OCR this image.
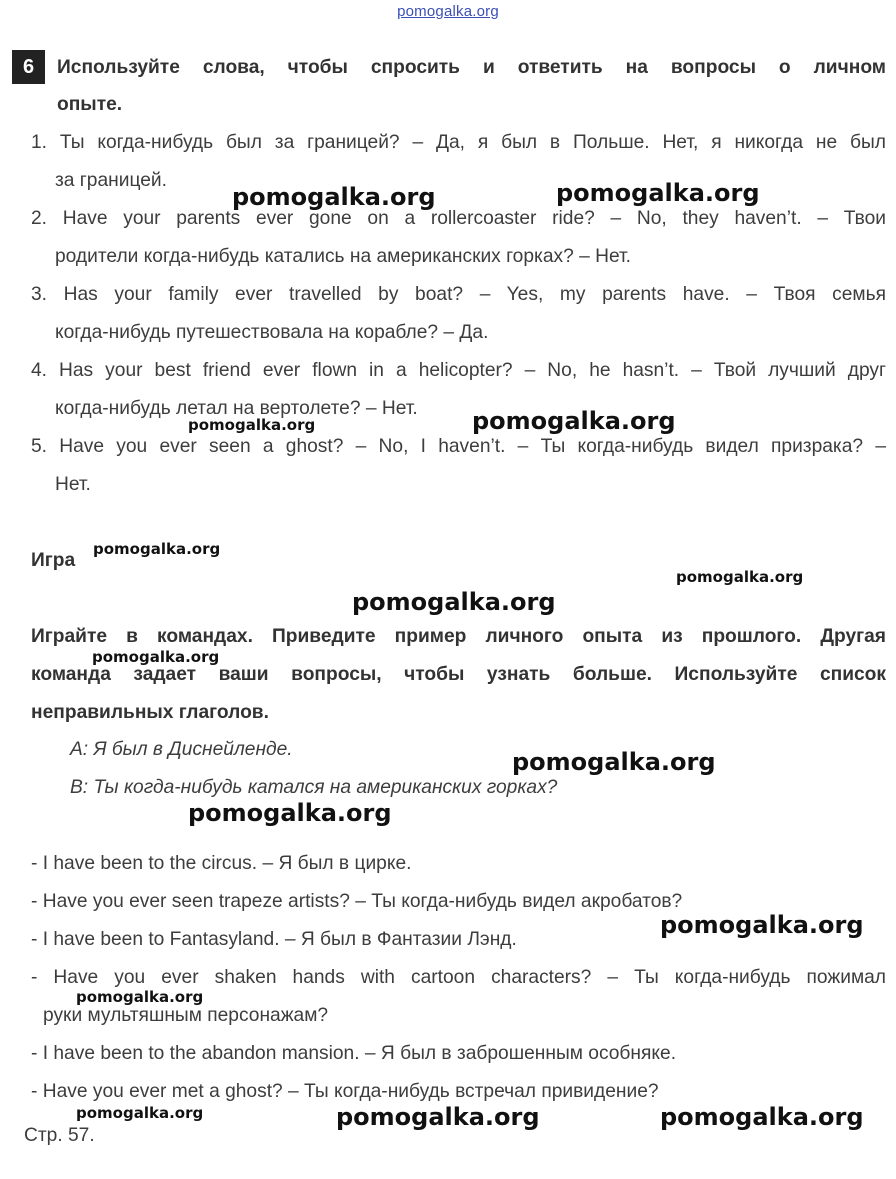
pomogalka.org
6	Используйте слова, чтобы спросить и ответить на вопросы о личном
опыте.
1. Ты когда-нибудь был за границей? – Да, я был в Польше. Нет, я никогда не был
за границей.
2. Have your parents ever gone on a rollercoaster ride? – No, they haven’t. – Твои
родители когда-нибудь катались на американских горках? – Нет.
3. Has your family ever travelled by boat? – Yes, my parents have. – Твоя семья
когда-нибудь путешествовала на корабле? – Да.
4. Has your best friend ever flown in a helicopter? – No, he hasn’t. – Твой лучший друг
когда-нибудь летал на вертолете? – Нет.
5. Have you ever seen a ghost? – No, I haven’t. – Ты когда-нибудь видел призрака? –
Нет.
Игра
Играйте в командах. Приведите пример личного опыта из прошлого. Другая
команда задает ваши вопросы, чтобы узнать больше. Используйте список
неправильных глаголов.
A: Я был в Диснейленде.
B: Ты когда-нибудь катался на американских горках?
- I have been to the circus. – Я был в цирке.
- Have you ever seen trapeze artists? – Ты когда-нибудь видел акробатов?
- I have been to Fantasyland. – Я был в Фантазии Лэнд.
- Have you ever shaken hands with cartoon characters? – Ты когда-нибудь пожимал
руки мультяшным персонажам?
- I have been to the abandon mansion. – Я был в заброшенным особняке.
- Have you ever met a ghost? – Ты когда-нибудь встречал привидение?
Стр. 57.
pomogalka.org	pomogalka.org
pomogalka.org	pomogalka.org
pomogalka.org
pomogalka.org
pomogalka.org
pomogalka.org
pomogalka.org
pomogalka.org
pomogalka.org
pomogalka.org
pomogalka.org	pomogalka.org	pomogalka.org
